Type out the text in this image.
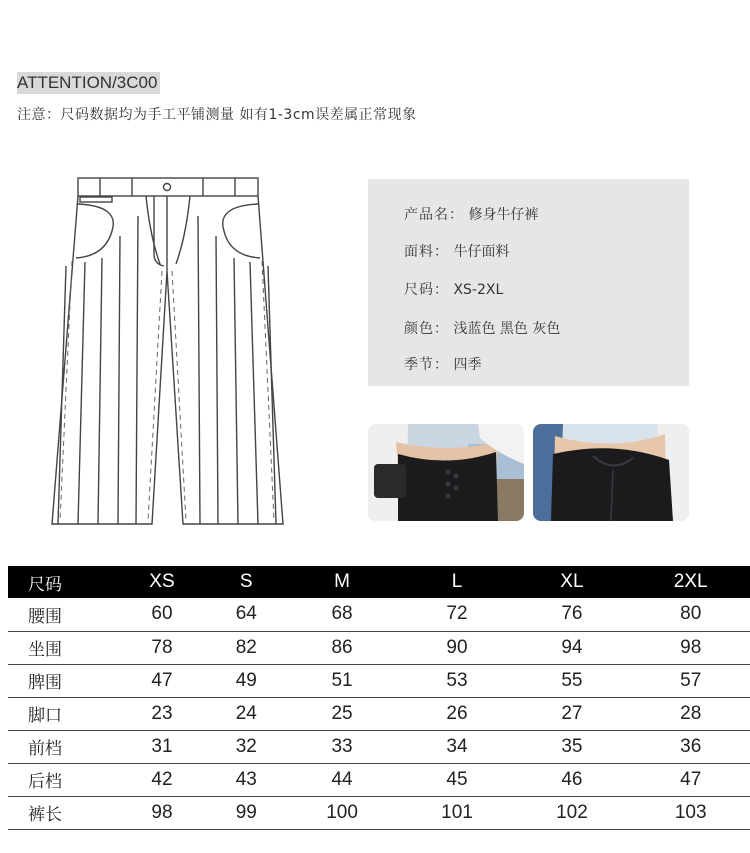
ATTENTION/3C00
注意：尺码数据均为手工平铺测量 如有1-3cm误差属正常现象
产品名： 修身牛仔裤
面料： 牛仔面料
尺码： XS-2XL
颜色： 浅蓝色 黑色 灰色
季节： 四季
尺码	XS	S	M	L	XL	2XL
腰围	60	64	68	72	76	80
坐围	78	82	86	90	94	98
脾围	47	49	51	53	55	57
脚口	23	24	25	26	27	28
前档	31	32	33	34	35	36
后档	42	43	44	45	46	47
裤长	98	99	100	101	102	103
